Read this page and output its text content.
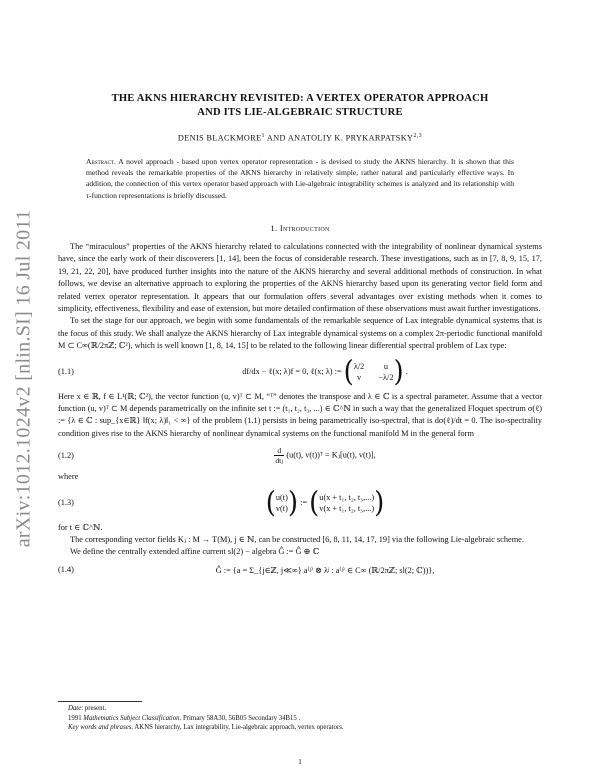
arXiv:1012.1024v2 [nlin.SI] 16 Jul 2011
THE AKNS HIERARCHY REVISITED: A VERTEX OPERATOR APPROACH
AND ITS LIE-ALGEBRAIC STRUCTURE
DENIS BLACKMORE$^1$ AND ANATOLIY K. PRYKARPATSKY$^{2,3}$
Abstract. A novel approach - based upon vertex operator representation - is devised to study the AKNS hierarchy. It is shown that this method reveals the remarkable properties of the AKNS hierarchy in relatively simple, rather natural and particularly effective ways. In addition, the connection of this vertex operator based approach with Lie-algebraic integrability schemes is analyzed and its relationship with τ-function representations is briefly discussed.
1. Introduction

The “miraculous” properties of the AKNS hierarchy related to calculations connected with the integrability of nonlinear dynamical systems have, since the early work of their discoverers [1, 14], been the focus of considerable research. These investigations, such as in [7, 8, 9, 15, 17, 19, 21, 22, 20], have produced further insights into the nature of the AKNS hierarchy and several additional methods of construction. In what follows, we devise an alternative approach to exploring the properties of the AKNS hierarchy based upon its generating vector field form and related vertex operator representation. It appears that our formulation offers several advantages over existing methods when it comes to simplicity, effectiveness, flexibility and ease of extension, but more detailed confirmation of these observations must await further investigations.

To set the stage for our approach, we begin with some fundamentals of the remarkable sequence of Lax integrable dynamical systems that is the focus of this study. We shall analyze the AKNS hierarchy of Lax integrable dynamical systems on a complex 2π-periodic functional manifold M ⊂ C∞(ℝ/2πℤ; ℂ²), which is well known [1, 8, 14, 15] to be related to the following linear differential spectral problem of Lax type:

(1.1)	df/dx − ℓ(x; λ)f = 0, ℓ(x; λ) := ( λ/2	u
v	−λ/2 ) .

Here x ∈ ℝ, f ∈ L¹(ℝ; ℂ²), the vector function (u, v)ᵀ ⊂ M, “ᵀ” denotes the transpose and λ ∈ ℂ is a spectral parameter. Assume that a vector function (u, v)ᵀ ⊂ M depends parametrically on the infinite set t := (t₁, t₂, t₃, ...) ∈ ℂ^ℕ in such a way that the generalized Floquet spectrum σ(ℓ) := {λ ∈ ℂ : sup_{x∈ℝ} ‖f(x; λ)‖₁ < ∞} of the problem (1.1) persists in being parametrically iso-spectral, that is dσ(ℓ)/dt = 0. The iso-spectrality condition gives rise to the AKNS hierarchy of nonlinear dynamical systems on the functional manifold M in the general form

(1.2)	$\frac{d}{\text{dtⱼ}} (u(t)$, v(t))ᵀ = Kⱼ[u(t), v(t)],

where

(1.3)	( u(t)
v(t) ) := ( u(x + t₁, t₂, t₃,...)
v(x + t₁, t₂, t₃,...) )

for t ∈ ℂ^ℕ.

The corresponding vector fields Kⱼ : M → T(M), j ∈ ℕ, can be constructed [6, 8, 11, 14, 17, 19] via the following Lie-algebraic scheme.

We define the centrally extended affine current sl(2) − algebra Ĝ := Ĝ ⊕ ℂ

(1.4)	Ĝ := {a = Σ_{j∈ℤ, j≪∞} a⁽ʲ⁾ ⊗ λʲ : a⁽ʲ⁾ ∈ C∞ (ℝ/2πℤ; sl(2; ℂ))},
Date: present.
1991 Mathematics Subject Classification. Primary 58A30, 56B05 Secondary 34B15 .
Key words and phrases. AKNS hierarchy, Lax integrability, Lie-algebraic approach, vertex operators.
1
